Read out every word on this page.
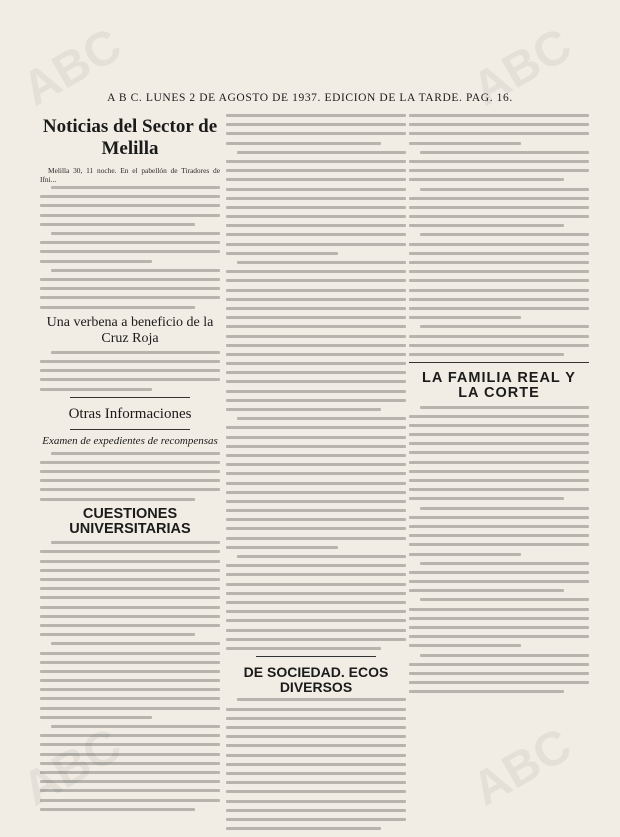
ABC	ABC
ABC	ABC
A B C. LUNES 2 DE AGOSTO DE 1937. EDICION DE LA TARDE. PAG. 16.
Noticias del Sector de Melilla

Melilla 30, 11 noche. En el pabellón de Tiradores de Ifni...

Una verbena a beneficio de la Cruz Roja
Otras Informaciones
Examen de expedientes de recompensas
CUESTIONES UNIVERSITARIAS
DE SOCIEDAD. ECOS DIVERSOS
LA FAMILIA REAL Y LA CORTE
